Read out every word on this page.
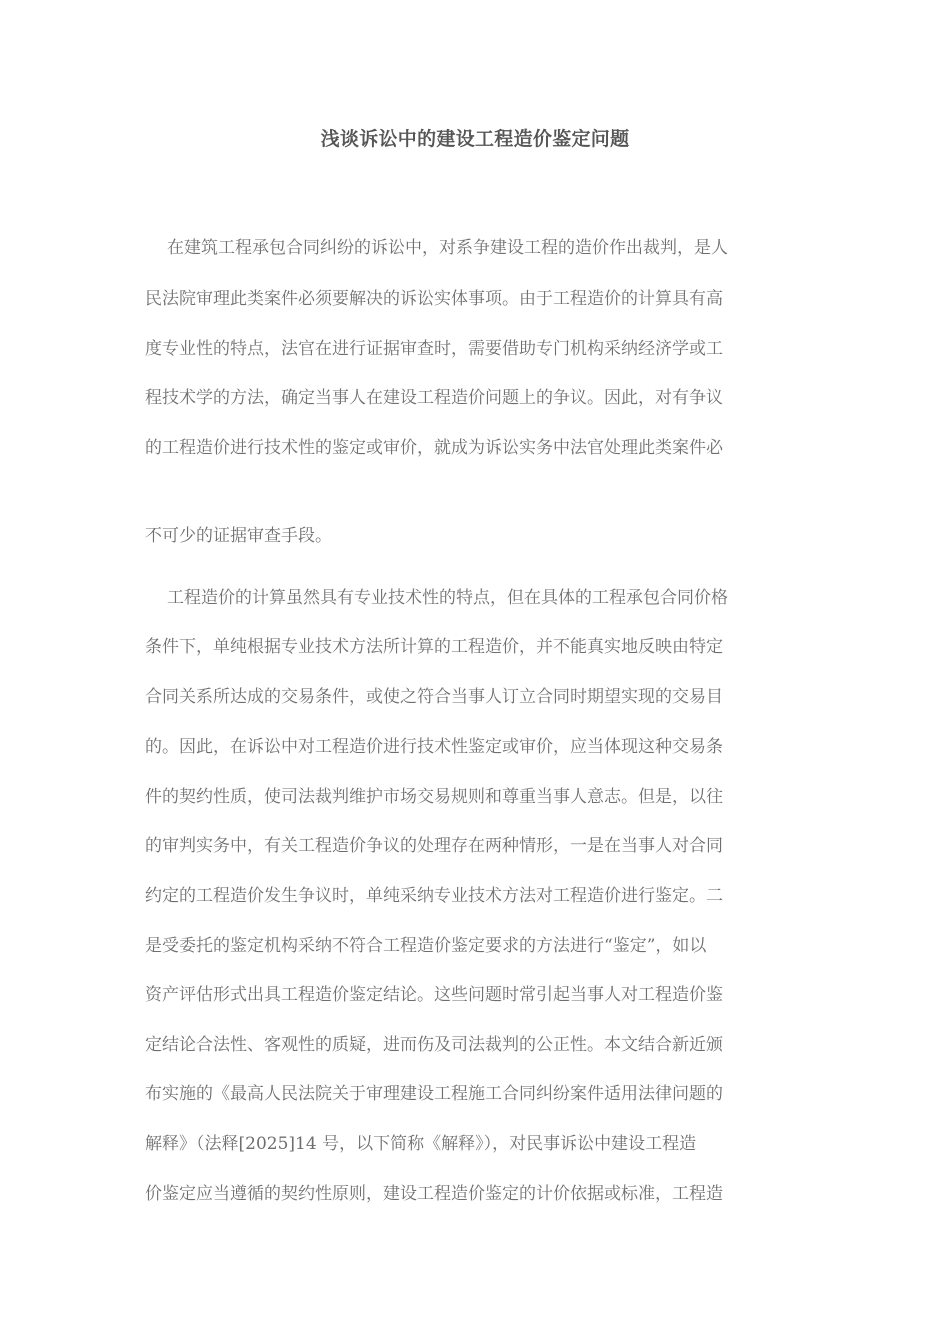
浅谈诉讼中的建设工程造价鉴定问题
在建筑工程承包合同纠纷的诉讼中，对系争建设工程的造价作出裁判，是人
民法院审理此类案件必须要解决的诉讼实体事项。由于工程造价的计算具有高
度专业性的特点，法官在进行证据审查时，需要借助专门机构采纳经济学或工
程技术学的方法，确定当事人在建设工程造价问题上的争议。因此，对有争议
的工程造价进行技术性的鉴定或审价，就成为诉讼实务中法官处理此类案件必
不可少的证据审查手段。
工程造价的计算虽然具有专业技术性的特点，但在具体的工程承包合同价格
条件下，单纯根据专业技术方法所计算的工程造价，并不能真实地反映由特定
合同关系所达成的交易条件，或使之符合当事人订立合同时期望实现的交易目
的。因此，在诉讼中对工程造价进行技术性鉴定或审价，应当体现这种交易条
件的契约性质，使司法裁判维护市场交易规则和尊重当事人意志。但是，以往
的审判实务中，有关工程造价争议的处理存在两种情形，一是在当事人对合同
约定的工程造价发生争议时，单纯采纳专业技术方法对工程造价进行鉴定。二
是受委托的鉴定机构采纳不符合工程造价鉴定要求的方法进行“鉴定”，如以
资产评估形式出具工程造价鉴定结论。这些问题时常引起当事人对工程造价鉴
定结论合法性、客观性的质疑，进而伤及司法裁判的公正性。本文结合新近颁
布实施的《最高人民法院关于审理建设工程施工合同纠纷案件适用法律问题的
解释》（法释[2025]14 号，以下简称《解释》），对民事诉讼中建设工程造
价鉴定应当遵循的契约性原则，建设工程造价鉴定的计价依据或标准，工程造
